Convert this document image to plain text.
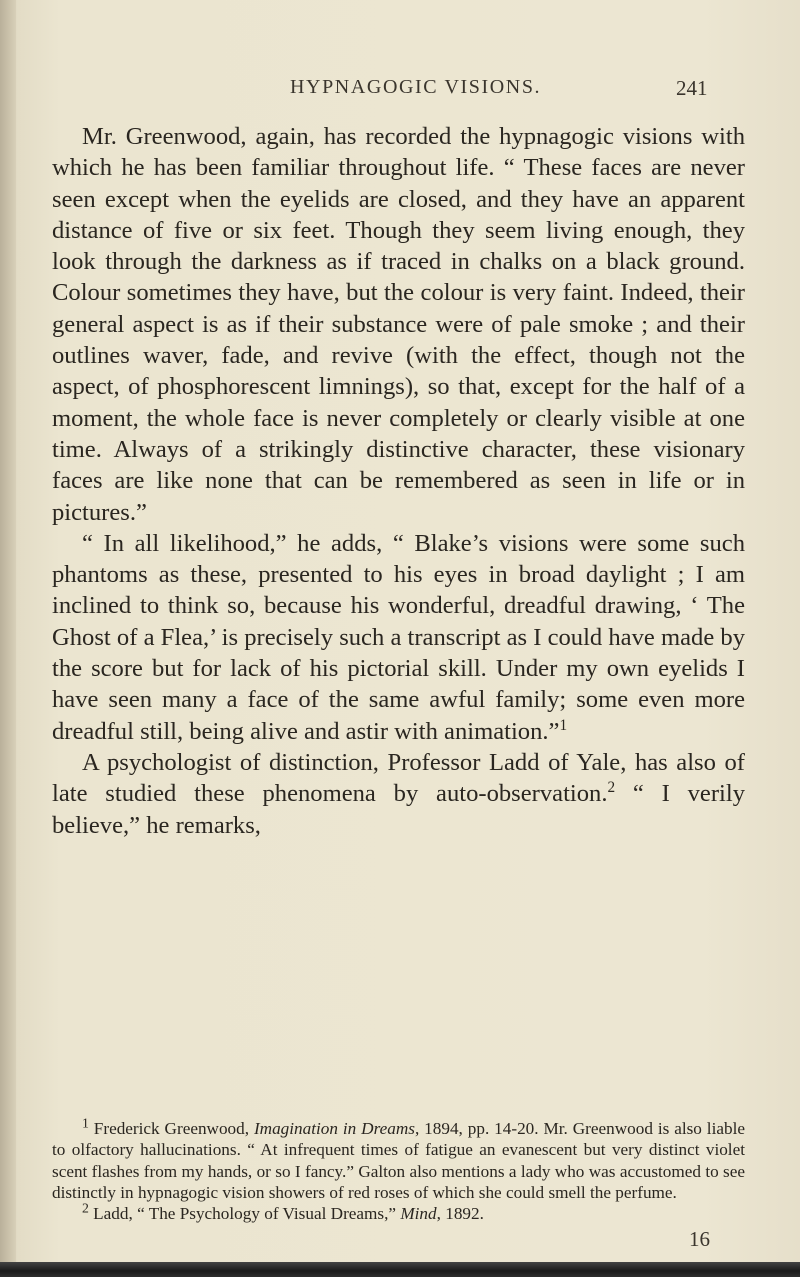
HYPNAGOGIC VISIONS.	241

Mr. Greenwood, again, has recorded the hypnagogic visions with which he has been familiar throughout life. “ These faces are never seen except when the eyelids are closed, and they have an apparent distance of five or six feet. Though they seem living enough, they look through the darkness as if traced in chalks on a black ground. Colour sometimes they have, but the colour is very faint. Indeed, their general aspect is as if their substance were of pale smoke ; and their outlines waver, fade, and revive (with the effect, though not the aspect, of phosphorescent limnings), so that, except for the half of a moment, the whole face is never completely or clearly visible at one time. Always of a strikingly distinctive character, these visionary faces are like none that can be remembered as seen in life or in pictures.”

“ In all likelihood,” he adds, “ Blake’s visions were some such phantoms as these, presented to his eyes in broad daylight ; I am inclined to think so, because his wonderful, dreadful drawing, ‘ The Ghost of a Flea,’ is precisely such a transcript as I could have made by the score but for lack of his pictorial skill. Under my own eyelids I have seen many a face of the same awful family; some even more dreadful still, being alive and astir with animation.”$^1$

A psychologist of distinction, Professor Ladd of Yale, has also of late studied these phenomena by auto-observation.$^2$ “ I verily believe,” he remarks,

$^1$ Frederick Greenwood, Imagination in Dreams, 1894, pp. 14-20. Mr. Greenwood is also liable to olfactory hallucinations. “ At infrequent times of fatigue an evanescent but very distinct violet scent flashes from my hands, or so I fancy.” Galton also mentions a lady who was accustomed to see distinctly in hypnagogic vision showers of red roses of which she could smell the perfume.

$^2$ Ladd, “ The Psychology of Visual Dreams,” Mind, 1892.

16
